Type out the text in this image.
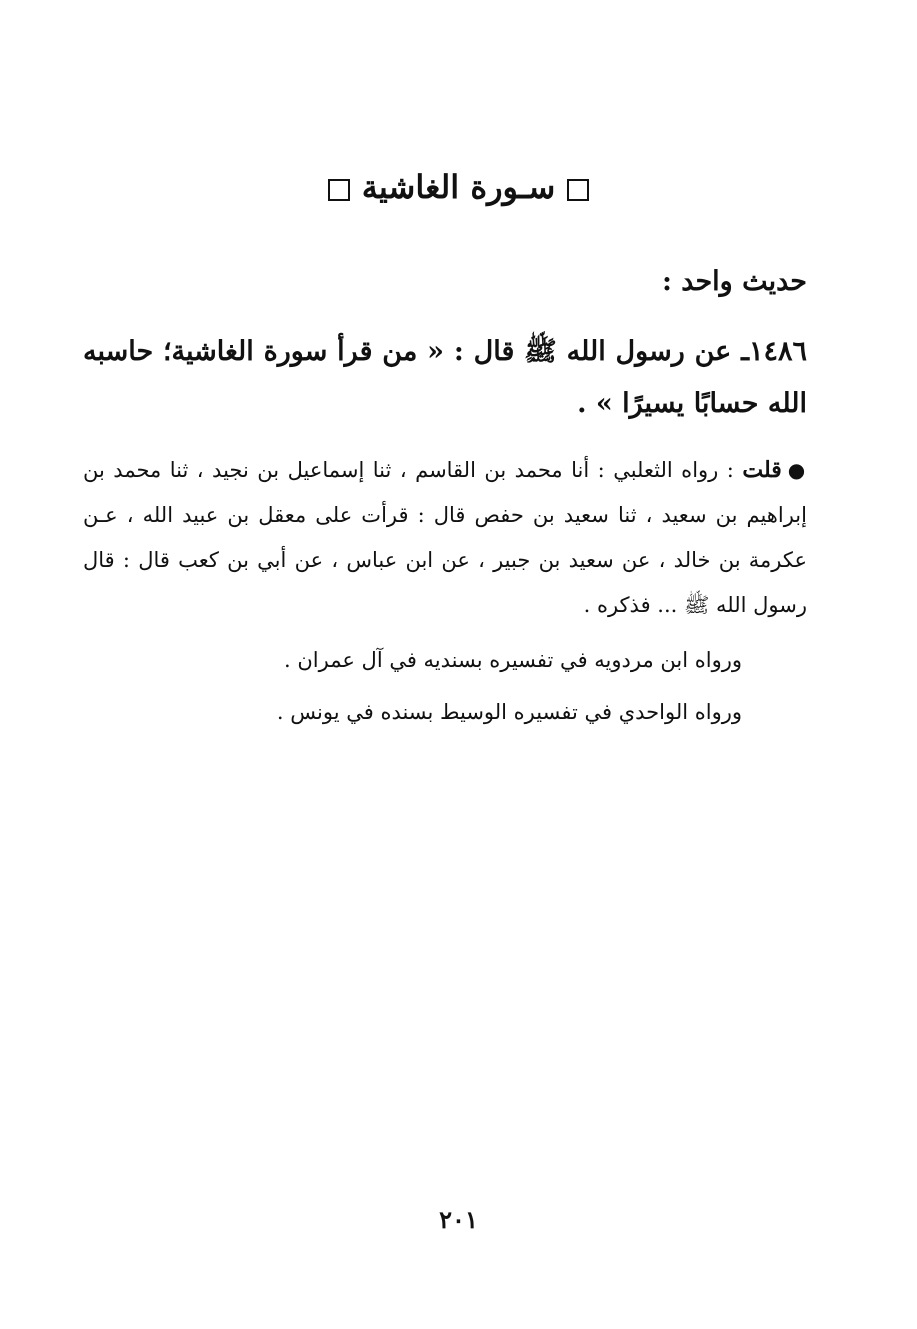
سـورة الغاشية
حديث واحد :
١٤٨٦ـ عن رسول الله ﷺ قال : « من قرأ سورة الغاشية؛ حاسبه الله حسابًا يسيرًا » .
●قلت : رواه الثعلبي : أنا محمد بن القاسم ، ثنا إسماعيل بن نجيد ، ثنا محمد بن إبراهيم بن سعيد ، ثنا سعيد بن حفص قال : قرأت على معقل بن عبيد الله ، عـن عكرمة بن خالد ، عن سعيد بن جبير ، عن ابن عباس ، عن أبي بن كعب قال : قال رسول الله ﷺ ... فذكره .
ورواه ابن مردويه في تفسيره بسنديه في آل عمران .
ورواه الواحدي في تفسيره الوسيط بسنده في يونس .
٢٠١
